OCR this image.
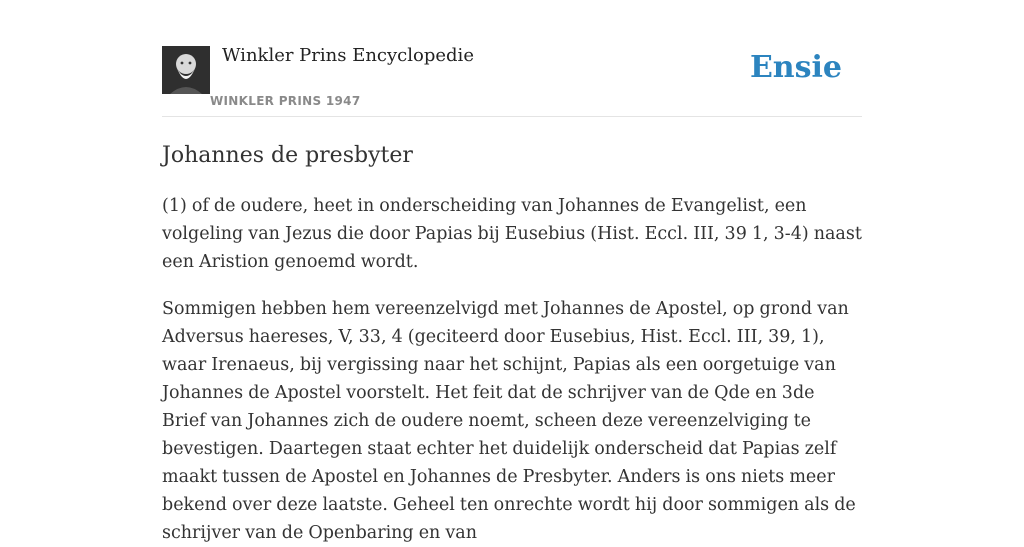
Winkler Prins Encyclopedie
WINKLER PRINS 1947
Ensie
Johannes de presbyter

(1) of de oudere, heet in onderscheiding van Johannes de Evangelist, een volgeling van Jezus die door Papias bij Eusebius (Hist. Eccl. III, 39 1, 3-4) naast een Aristion genoemd wordt.

Sommigen hebben hem vereenzelvigd met Johannes de Apostel, op grond van Adversus haereses, V, 33, 4 (geciteerd door Eusebius, Hist. Eccl. III, 39, 1), waar Irenaeus, bij vergissing naar het schijnt, Papias als een oorgetuige van Johannes de Apostel voorstelt. Het feit dat de schrijver van de Qde en 3de Brief van Johannes zich de oudere noemt, scheen deze vereenzelviging te bevestigen. Daartegen staat echter het duidelijk onderscheid dat Papias zelf maakt tussen de Apostel en Johannes de Presbyter. Anders is ons niets meer bekend over deze laatste. Geheel ten onrechte wordt hij door sommigen als de schrijver van de Openbaring en van
